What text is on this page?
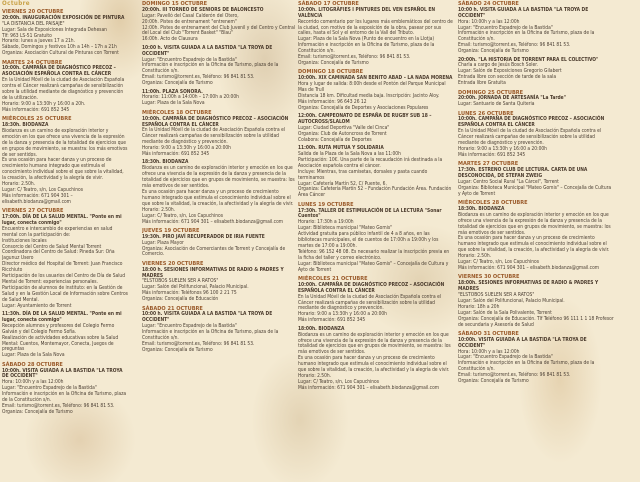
Octubre
VIERNES 20 OCTUBRE
20:00h. INAUGURACIÓN EXPOSICIÓN DE PINTURA
"LA DISTANCIA DEL PAISAJE"
Lugar: Sala de Exposiciones Integrada Dehesan
Tlf: 963 LS-51 Gratuito
Horario: lunes a jueves 17 a 21h.
Sábado, Domingos y festivos 10h a 14h – 17h a 21h
Organiza: Asociación Cultural de Pinturas con Torrent
MARTES 24 OCTUBRE
10:00h. CAMPAÑA DE DIAGNÓSTICO PRECOZ – ASOCIACIÓN ESPAÑOLA CONTRA EL CÁNCER
En la Unidad Móvil de la ciudad de Asociación Española contra el Cáncer realizará campañas de sensibilización sobre la utilidad mediante de diagnóstico y prevención de la utilización.
Horario: 9:00 a 13:30h y 16:00 a 20h.
Más información: 691 852 345
MIÉRCOLES 25 OCTUBRE
18:30h. BIODANZA
Biodanza es un camino de exploración interior y emoción en los que ofrece una vivencia de la expresión de la danza y presencia de la totalidad de ejercicios que en grupos de movimiento, se muestra: los más emotivos de ser sentidos.
Es una ocasión para hacer danza y un proceso de crecimiento humano integrado que estimula el conocimiento individual sobre el que sobre la vitalidad, la creación, la afectividad y la alegría de vivir.
Horario: 2.50h.
Lugar: C/ Teatro, s/n, Los Capuchinos
Más información: 671 904 301 – elisabeth.biodanza@gmail.com
VIERNES 27 OCTUBRE
17:00h. DÍA DE LA SALUD MENTAL. "Ponte en mi lugar, conecta conmigo"
Encuentro e intercambio de experiencias en salud mental con la participación de:
Instituciones locales
Consorcio del Centro de Salud Mental Torrent
Coordinadora del Centro de Salud: Pineda Sur: Oña Jagunuz Usero
Director médico del Hospital de Torrent: Juan Francisco Ricchiuto
Participación de los usuarios del Centro de Día de Salud Mental de Torrent: experiencias personales.
Participación de alumnos de instituto: en la Gestión de Salud y en la Gestión Local de Información sobre Centros de Salud Mental.
Lugar: Ayuntamiento de Torrent
11:30h. DÍA DE LA SALUD MENTAL. "Ponte en mi lugar, conecta conmigo"
Recepción alumnos y profesores del Colegio Fermo Galván y del Colegio Fermo Sofía.
Realización de actividades educativas sobre la Salud Mental: Cuentos, Montemayor, Conecta, Juegos de preguntas
Lugar: Plaza de la Sala Nova
SÁBADO 28 OCTUBRE
10:00h. VISITA GUIADA A LA BASTIDA "LA TROYA DE OCCIDENT"
Hora: 10:00h y a las 12:00h
Lugar: "Encuentro Espadrejo de la Bastida"
Información e inscripción en la Oficina de Turismo, plaza de la Constitución s/n.
Email: turismo@torrent.es, Teléfono: 96 841 81 53.
Organiza: Concejalía de Turismo
DOMINGO 15 OCTUBRE
20:00h. III TORNEO DE SENIORS DE BALONCESTO
Lugar: Pavelló del Casal Calderón del Otero,
20:00h. Pistes de entrenament "entrenem"
12:00h. Pistes de entrenament del Club Juvenil y del Centro y Central del Local del Club "Torrent Basket" "Blau"
16:00h. Acto de Clausura
10:00 h. VISITA GUIADA A LA BASTIDA "LA TROYA DE OCCIDENT"
Lugar: "Encuentro Espadrejo de la Bastida"
Información e inscripción en la Oficina de Turismo, plaza de la Constitución s/n.
Email: turismo@torrent.es, Teléfono: 96 841 81 53.
Organiza: Concejalía de Turismo
11:00h. PLAZA SONORA.
Horario: 11:00h a 14:00h – 17:00h a 20:00h
Lugar: Plaza de la Sala Nova
MIÉRCOLES 18 OCTUBRE
10:00h. CAMPAÑA DE DIAGNÓSTICO PRECOZ – ASOCIACIÓN ESPAÑOLA CONTRA EL CÁNCER
En la Unidad Móvil de la ciudad de Asociación Española contra el Cáncer realizará campañas de sensibilización sobre la utilidad mediante de diagnóstico y prevención.
Horario: 9:00 a 13:30h y 16:00 a 20:00h
Más información: 691 852 345
18:30h. BIODANZA
Biodanza es un camino de exploración interior y emoción en los que ofrece una vivencia de la expresión de la danza y presencia de la totalidad de ejercicios que en grupos de movimiento, se muestra: los más emotivos de ser sentidos.
Es una ocasión para hacer danza y un proceso de crecimiento humano integrado que estimula el conocimiento individual sobre el que sobre la vitalidad, la creación, la afectividad y la alegría de vivir.
Horario: 2.50h.
Lugar: C/ Teatro, s/n, Los Capuchinos
Más información: 671 904 301 – elisabeth.biodanza@gmail.com
JUEVES 19 OCTUBRE
19:30h. PIRO JAVÍ RECUPERADOR DE IRIA FUENTE
Lugar: Plaza Mayor
Organiza: Asociación de Comerciantes de Torrent y Concejalía de Comercio.
VIERNES 20 OCTUBRE
18:00 h. SESIONES INFORMATIVAS DE RADIO & PADRES Y MADRES
"ELSTOBOS SUELEN SER A RATOS"
Lugar: Salón del Polifuncional, Palacio Municipal.
Más información: Teléfonos 96 100 2 21 75
Organiza: Concejalía de Educación
SÁBADO 21 OCTUBRE
10:00 h. VISITA GUIADA A LA BASTIDA "LA TROYA DE OCCIDENT"
Lugar: "Encuentro Espadrejo de la Bastida"
Información e inscripción en la Oficina de Turismo, plaza de la Constitución s/n.
Email: turismo@torrent.es, Teléfono: 96 841 81 53.
Organiza: Concejalía de Turismo
SÁBADO 17 OCTUBRE
10:00h. LITOGRÀFIES I PINTURES DEL VEN ESPAÑOL EN VALÈNCIA
Recorrido comentario por los lugares más emblemáticos del centro de la ciudad, con motivo de la exposición de la obra, pasear por sus calles, hasta el Sol y el entorno de la Vall del Tributo.
Lugar: Plaza de la Sala Nova (Punto de encuentro en la Llotja)
Información e inscripción en la Oficina de Turismo, plaza de la Constitución s/n.
Email: turismo@torrent.es, Teléfono: 96 841 81 53.
Organiza: Concejalía de Turismo
DOMINGO 18 OCTUBRE
10:00h. XIX CAMINADA SAN BENITO ABAD – LA NADA MORENA
Hora y lugar de salida: 8:00h desde el Pontón del Parque Municipal Mas de Trull
Distancia 18 km. Dificultad media baja. Inscripción: Jacinto Aloy.
Más información: 96 643 26 12
Organiza: Concejalía de Deportes y Asociaciones Populares
12:00h. CAMPEONATO DE ESPAÑA DE RUGBY SUB 18 – AUTOCROSS/SLALOM
Lugar: Ciudad Deportiva "Valle del Cinca"
Organiza: Club de Autoncross de Torrent
Colabora: Concejalía de Deportes
11:00h. RUTA MUTUA Y SOLIDARIA
Salida de la Plaza de la Sala Nova a las 11:00h
Participación: 10€. Una parte de la recaudación irá destinada a la Asociación española contra el cáncer.
Incluye: Mientras, tras camisetas, dorsales y pasta cuando terminamos
Lugar: Cafetería Martín 52, C/ Puente, 6.
Organiza: Cafetería Martín 52 – Fundación Fundación Área. Fundación Área Cáncer
LUNES 19 OCTUBRE
17:30h. TALLER DE ESTIMULACIÓN DE LA LECTURA "Sonar Cuentos"
Horario: 17:30h a 19:00h
Lugar: Biblioteca municipal "Mateo Gomis"
Actividad gratuita para público infantil de 4 a 8 años, en las bibliotecas municipales, el de cuentos de 17:00h a 19:00h y los martes de 17:00 a 19:00h.
Teléfono: 96 152 48 08. Es necesario realizar la inscripción previa en la ficha del taller y correo electrónico.
Lugar: Biblioteca municipal "Mateo Gomis" – Concejalía de Cultura y Ayto de Torrent
MIÉRCOLES 21 OCTUBRE
10:00h. CAMPAÑA DE DIAGNÓSTICO PRECOZ – ASOCIACIÓN ESPAÑOLA CONTRA EL CÁNCER
En la Unidad Móvil de la ciudad de Asociación Española contra el Cáncer realizará campañas de sensibilización sobre la utilidad mediante de diagnóstico y prevención.
Horario: 9:00 a 13:30h y 16:00 a 20:00h
Más información: 691 852 345
18:00h. BIODANZA
Biodanza es un camino de exploración interior y emoción en los que ofrece una vivencia de la expresión de la danza y presencia de la totalidad de ejercicios que en grupos de movimiento, se muestra: los más emotivos de ser sentidos.
Es una ocasión para hacer danza y un proceso de crecimiento humano integrado que estimula el conocimiento individual sobre el que sobre la vitalidad, la creación, la afectividad y la alegría de vivir.
Horario: 2.50h.
Lugar: C/ Teatro, s/n, Los Capuchinos
Más información: 671 904 301 – elisabeth.biodanza@gmail.com
SÁBADO 24 OCTUBRE
10:00 h. VISITA GUIADA A LA BASTIDA "LA TROYA DE OCCIDENT"
Hora: 10:00h y a las 12:00h
Lugar: "Encuentro Espadrejo de la Bastida"
Información e inscripción en la Oficina de Turismo, plaza de la Constitución s/n.
Email: turismo@torrent.es, Teléfono: 96 841 81 53.
Organiza: Concejalía de Turismo
20:00h. "LA HISTORIA DE TORRENT PARA EL COLECTIVO"
Charla a cargo de Jesús Bosch Soler.
Lugar: Salón de Exposiciones Gregorio Gilabert
Entrada libre con sección de tarde de la sala
Entrada libre Gratuita
DOMINGO 25 OCTUBRE
20:00h. JORNADA DE ARTESANÍA "La Tarde"
Lugar: Santuario de Santa Quiteria
LUNES 26 OCTUBRE
10:00h. CAMPAÑA DE DIAGNÓSTICO PRECOZ – ASOCIACIÓN ESPAÑOLA CONTRA EL CÁNCER
En la Unidad Móvil de la ciudad de Asociación Española contra el Cáncer realizará campañas de sensibilización sobre la utilidad mediante de diagnóstico y prevención.
Horario: 9:00 a 13:30h y 16:00 a 20:00h
Más información: 691 852 345
MARTES 27 OCTUBRE
17:30h. ESTRENO CLUB DE LECTURA. CARTA DE UNA DESCONOCIDA, DE STEFAN ZWEIG
Lugar: Centro Social Rural "La Cárcel", Torrent
Organiza: Biblioteca Municipal "Mateo Gomis" – Concejalía de Cultura y Ayto de Torrent
MIÉRCOLES 28 OCTUBRE
18:30h. BIODANZA
Biodanza es un camino de exploración interior y emoción en los que ofrece una vivencia de la expresión de la danza y presencia de la totalidad de ejercicios que en grupos de movimiento, se muestra: los más emotivos de ser sentidos.
Es una ocasión para hacer danza y un proceso de crecimiento humano integrado que estimula el conocimiento individual sobre el que sobre la vitalidad, la creación, la afectividad y la alegría de vivir.
Horario: 2.50h.
Lugar: C/ Teatro, s/n, Los Capuchinos
Más información: 671 904 301 – elisabeth.biodanza@gmail.com
VIERNES 30 OCTUBRE
18:00h. SESIONES INFORMATIVAS DE RADIO & PADRES Y MADRES
"ELSTOBOS SUELEN SER A RATOS"
Lugar: Salón del Polifuncional, Palacio Municipal.
Horario: 18h a 20h
Lugar: Salón de la Sala Polivalente, Torrent
Organiza: Concejalía de Educación. Tlf Teléfono 96 111 1 1 18 Profesor de secundaria y Asesoría de Salud
SÁBADO 31 OCTUBRE
10:00h. VISITA GUIADA A LA BASTIDA "LA TROYA DE OCCIDENT"
Hora: 10:00h y a las 12:00h
Lugar: "Encuentro Espadrejo de la Bastida"
Información e inscripción en la Oficina de Turismo, plaza de la Constitución s/n.
Email: turismo@torrent.es, Teléfono: 96 841 81 53.
Organiza: Concejalía de Turismo
